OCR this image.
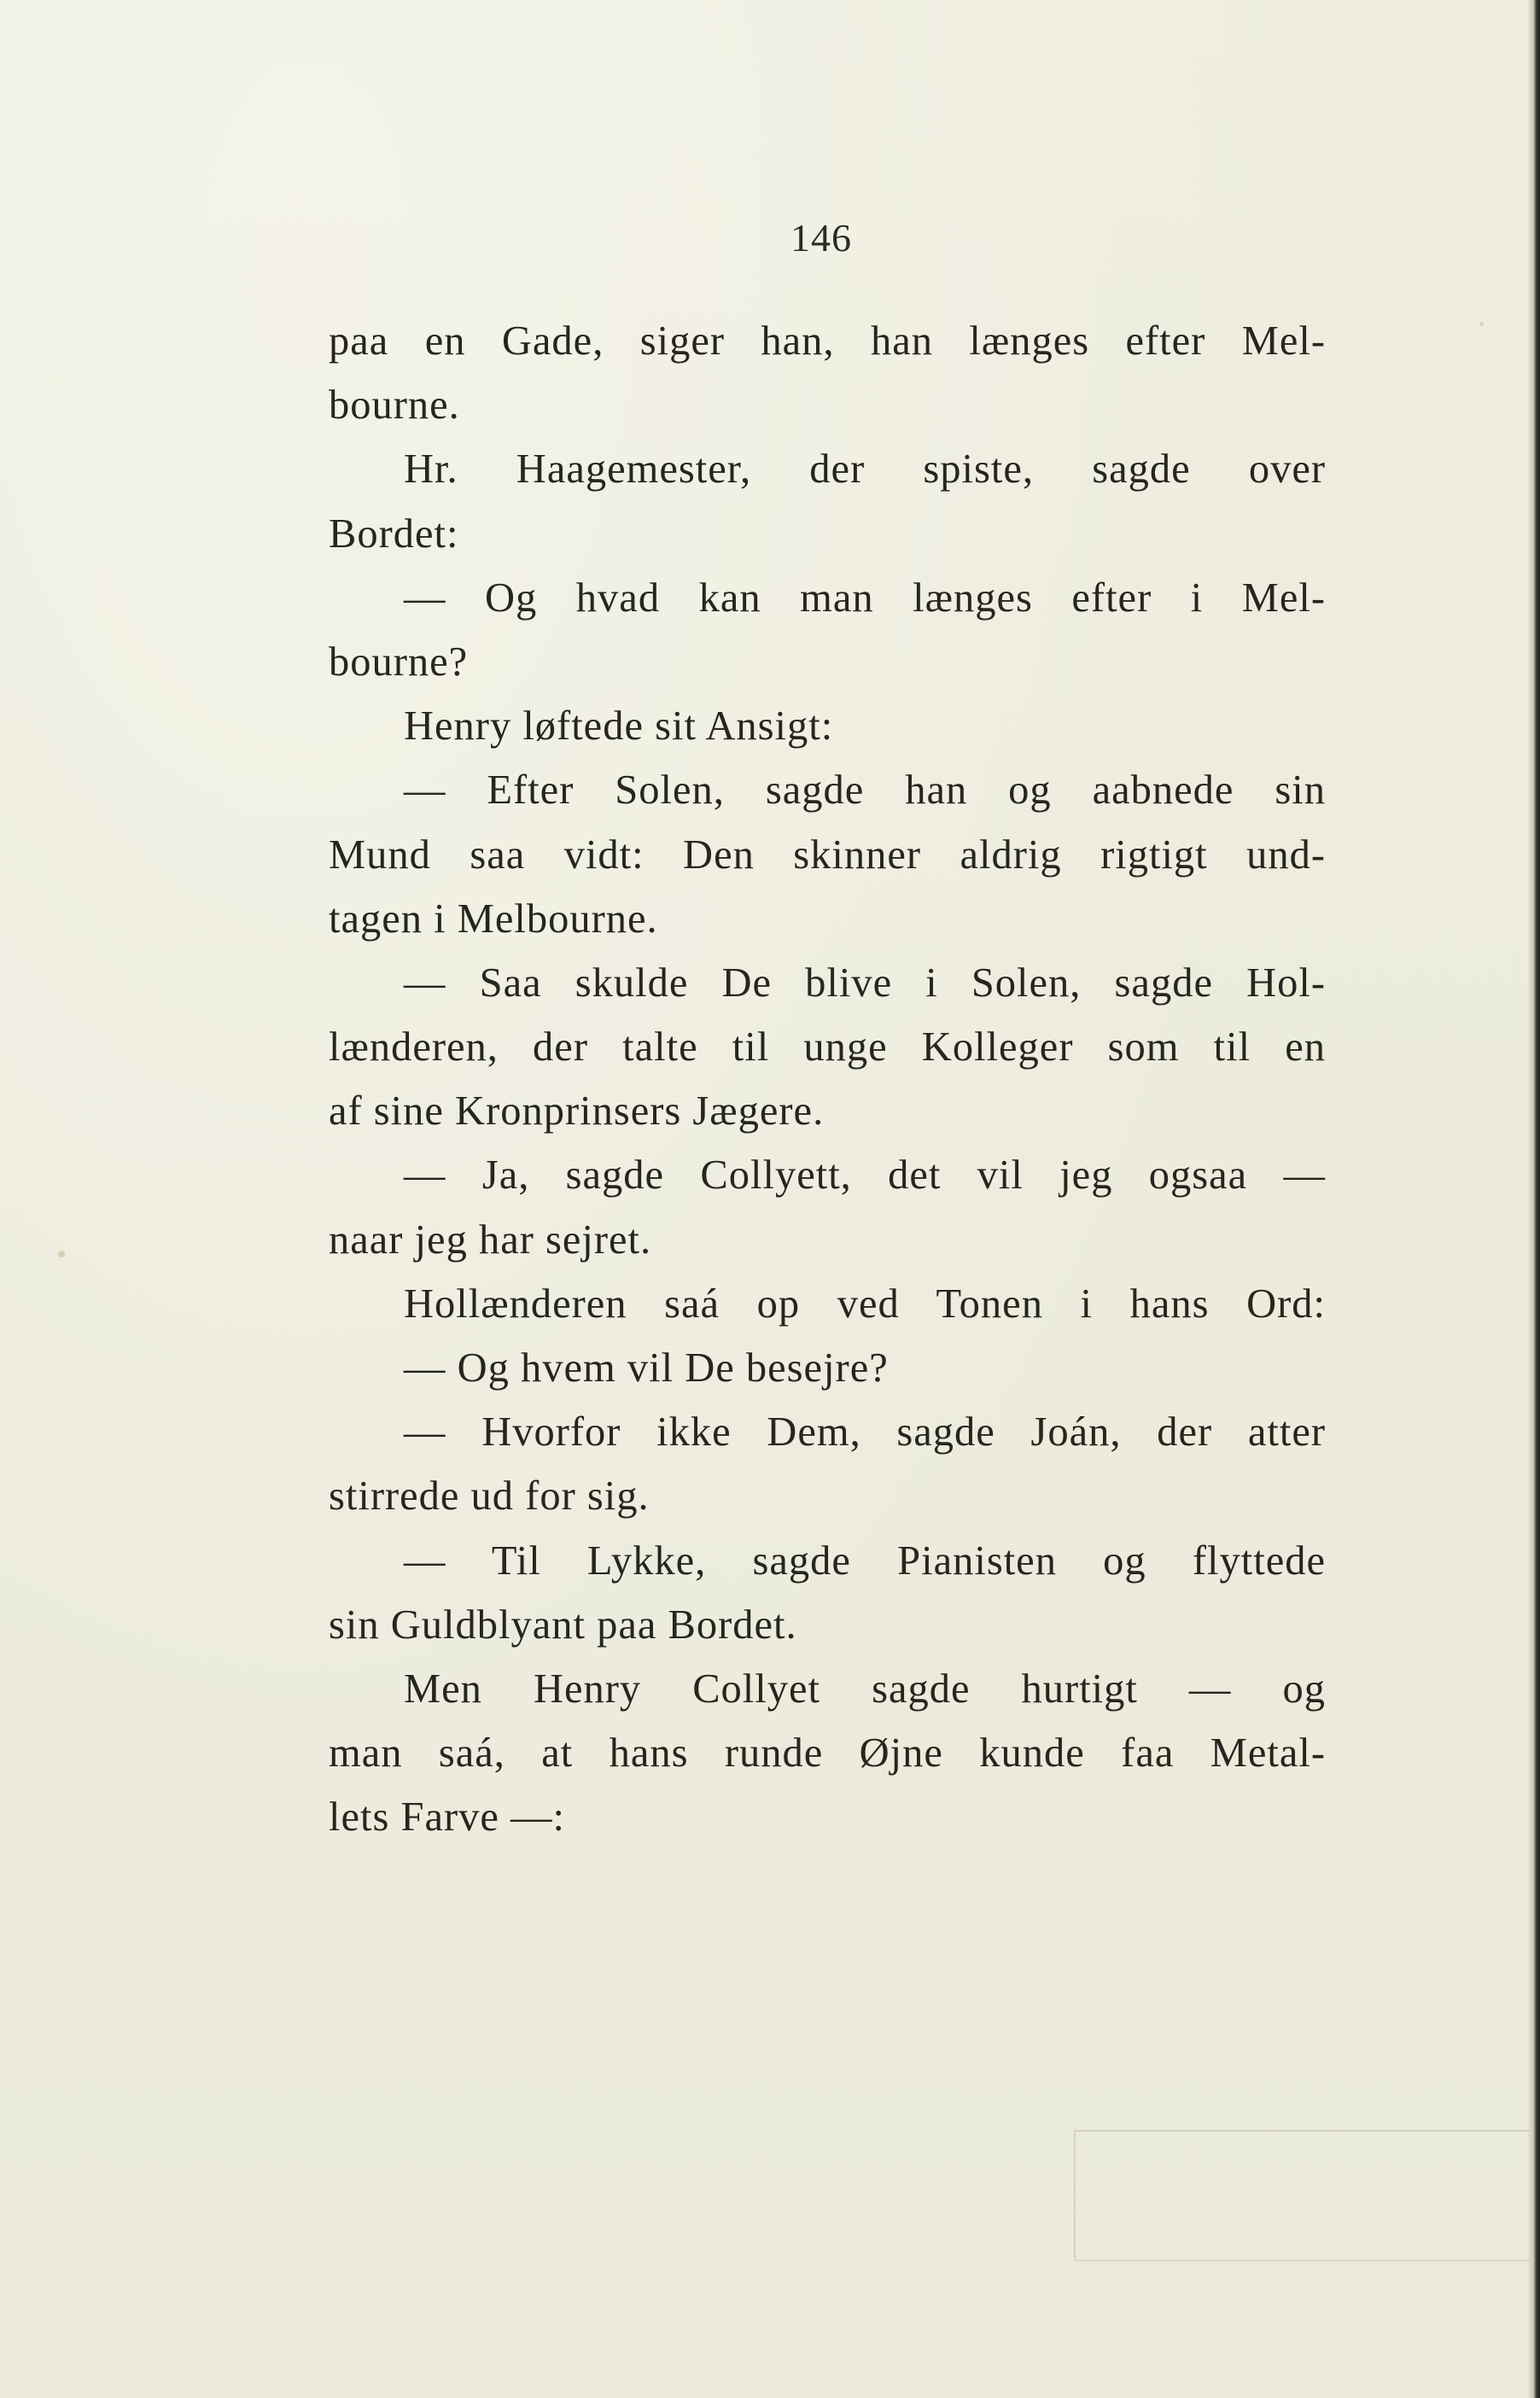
146
paa en Gade, siger han, han længes efter Mel-
bourne.
Hr. Haagemester, der spiste, sagde over
Bordet:
— Og hvad kan man længes efter i Mel-
bourne?
Henry løftede sit Ansigt:
— Efter Solen, sagde han og aabnede sin
Mund saa vidt: Den skinner aldrig rigtigt und-
tagen i Melbourne.
— Saa skulde De blive i Solen, sagde Hol-
lænderen, der talte til unge Kolleger som til en
af sine Kronprinsers Jægere.
— Ja, sagde Collyett, det vil jeg ogsaa —
naar jeg har sejret.
Hollænderen saá op ved Tonen i hans Ord:
— Og hvem vil De besejre?
— Hvorfor ikke Dem, sagde Joán, der atter
stirrede ud for sig.
— Til Lykke, sagde Pianisten og flyttede
sin Guldblyant paa Bordet.
Men Henry Collyet sagde hurtigt — og
man saá, at hans runde Øjne kunde faa Metal-
lets Farve —:
